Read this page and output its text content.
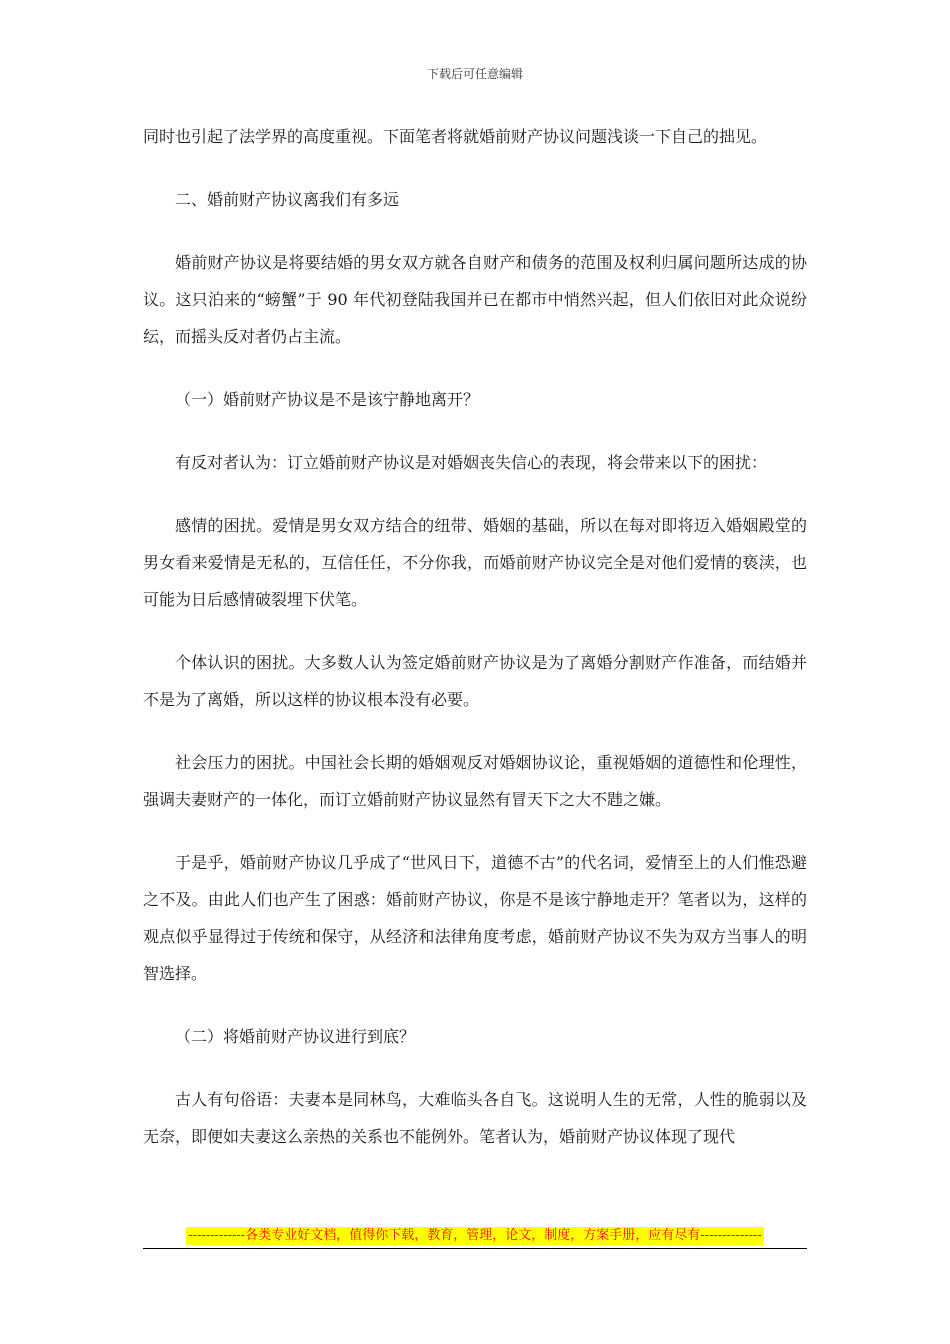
下载后可任意编辑

同时也引起了法学界的高度重视。下面笔者将就婚前财产协议问题浅谈一下自己的拙见。

二、婚前财产协议离我们有多远

婚前财产协议是将要结婚的男女双方就各自财产和债务的范围及权利归属问题所达成的协议。这只泊来的“螃蟹”于 90 年代初登陆我国并已在都市中悄然兴起，但人们依旧对此众说纷纭，而摇头反对者仍占主流。

（一）婚前财产协议是不是该宁静地离开？

有反对者认为：订立婚前财产协议是对婚姻丧失信心的表现，将会带来以下的困扰：

感情的困扰。爱情是男女双方结合的纽带、婚姻的基础，所以在每对即将迈入婚姻殿堂的男女看来爱情是无私的，互信任任，不分你我，而婚前财产协议完全是对他们爱情的亵渎，也可能为日后感情破裂埋下伏笔。

个体认识的困扰。大多数人认为签定婚前财产协议是为了离婚分割财产作准备，而结婚并不是为了离婚，所以这样的协议根本没有必要。

社会压力的困扰。中国社会长期的婚姻观反对婚姻协议论，重视婚姻的道德性和伦理性，强调夫妻财产的一体化，而订立婚前财产协议显然有冒天下之大不韪之嫌。

于是乎，婚前财产协议几乎成了“世风日下，道德不古”的代名词，爱情至上的人们惟恐避之不及。由此人们也产生了困惑：婚前财产协议，你是不是该宁静地走开？笔者以为，这样的观点似乎显得过于传统和保守，从经济和法律角度考虑，婚前财产协议不失为双方当事人的明智选择。

（二）将婚前财产协议进行到底？

古人有句俗语：夫妻本是同林鸟，大难临头各自飞。这说明人生的无常，人性的脆弱以及无奈，即便如夫妻这么亲热的关系也不能例外。笔者认为，婚前财产协议体现了现代

-------------各类专业好文档，值得你下载，教育，管理，论文，制度，方案手册，应有尽有--------------
